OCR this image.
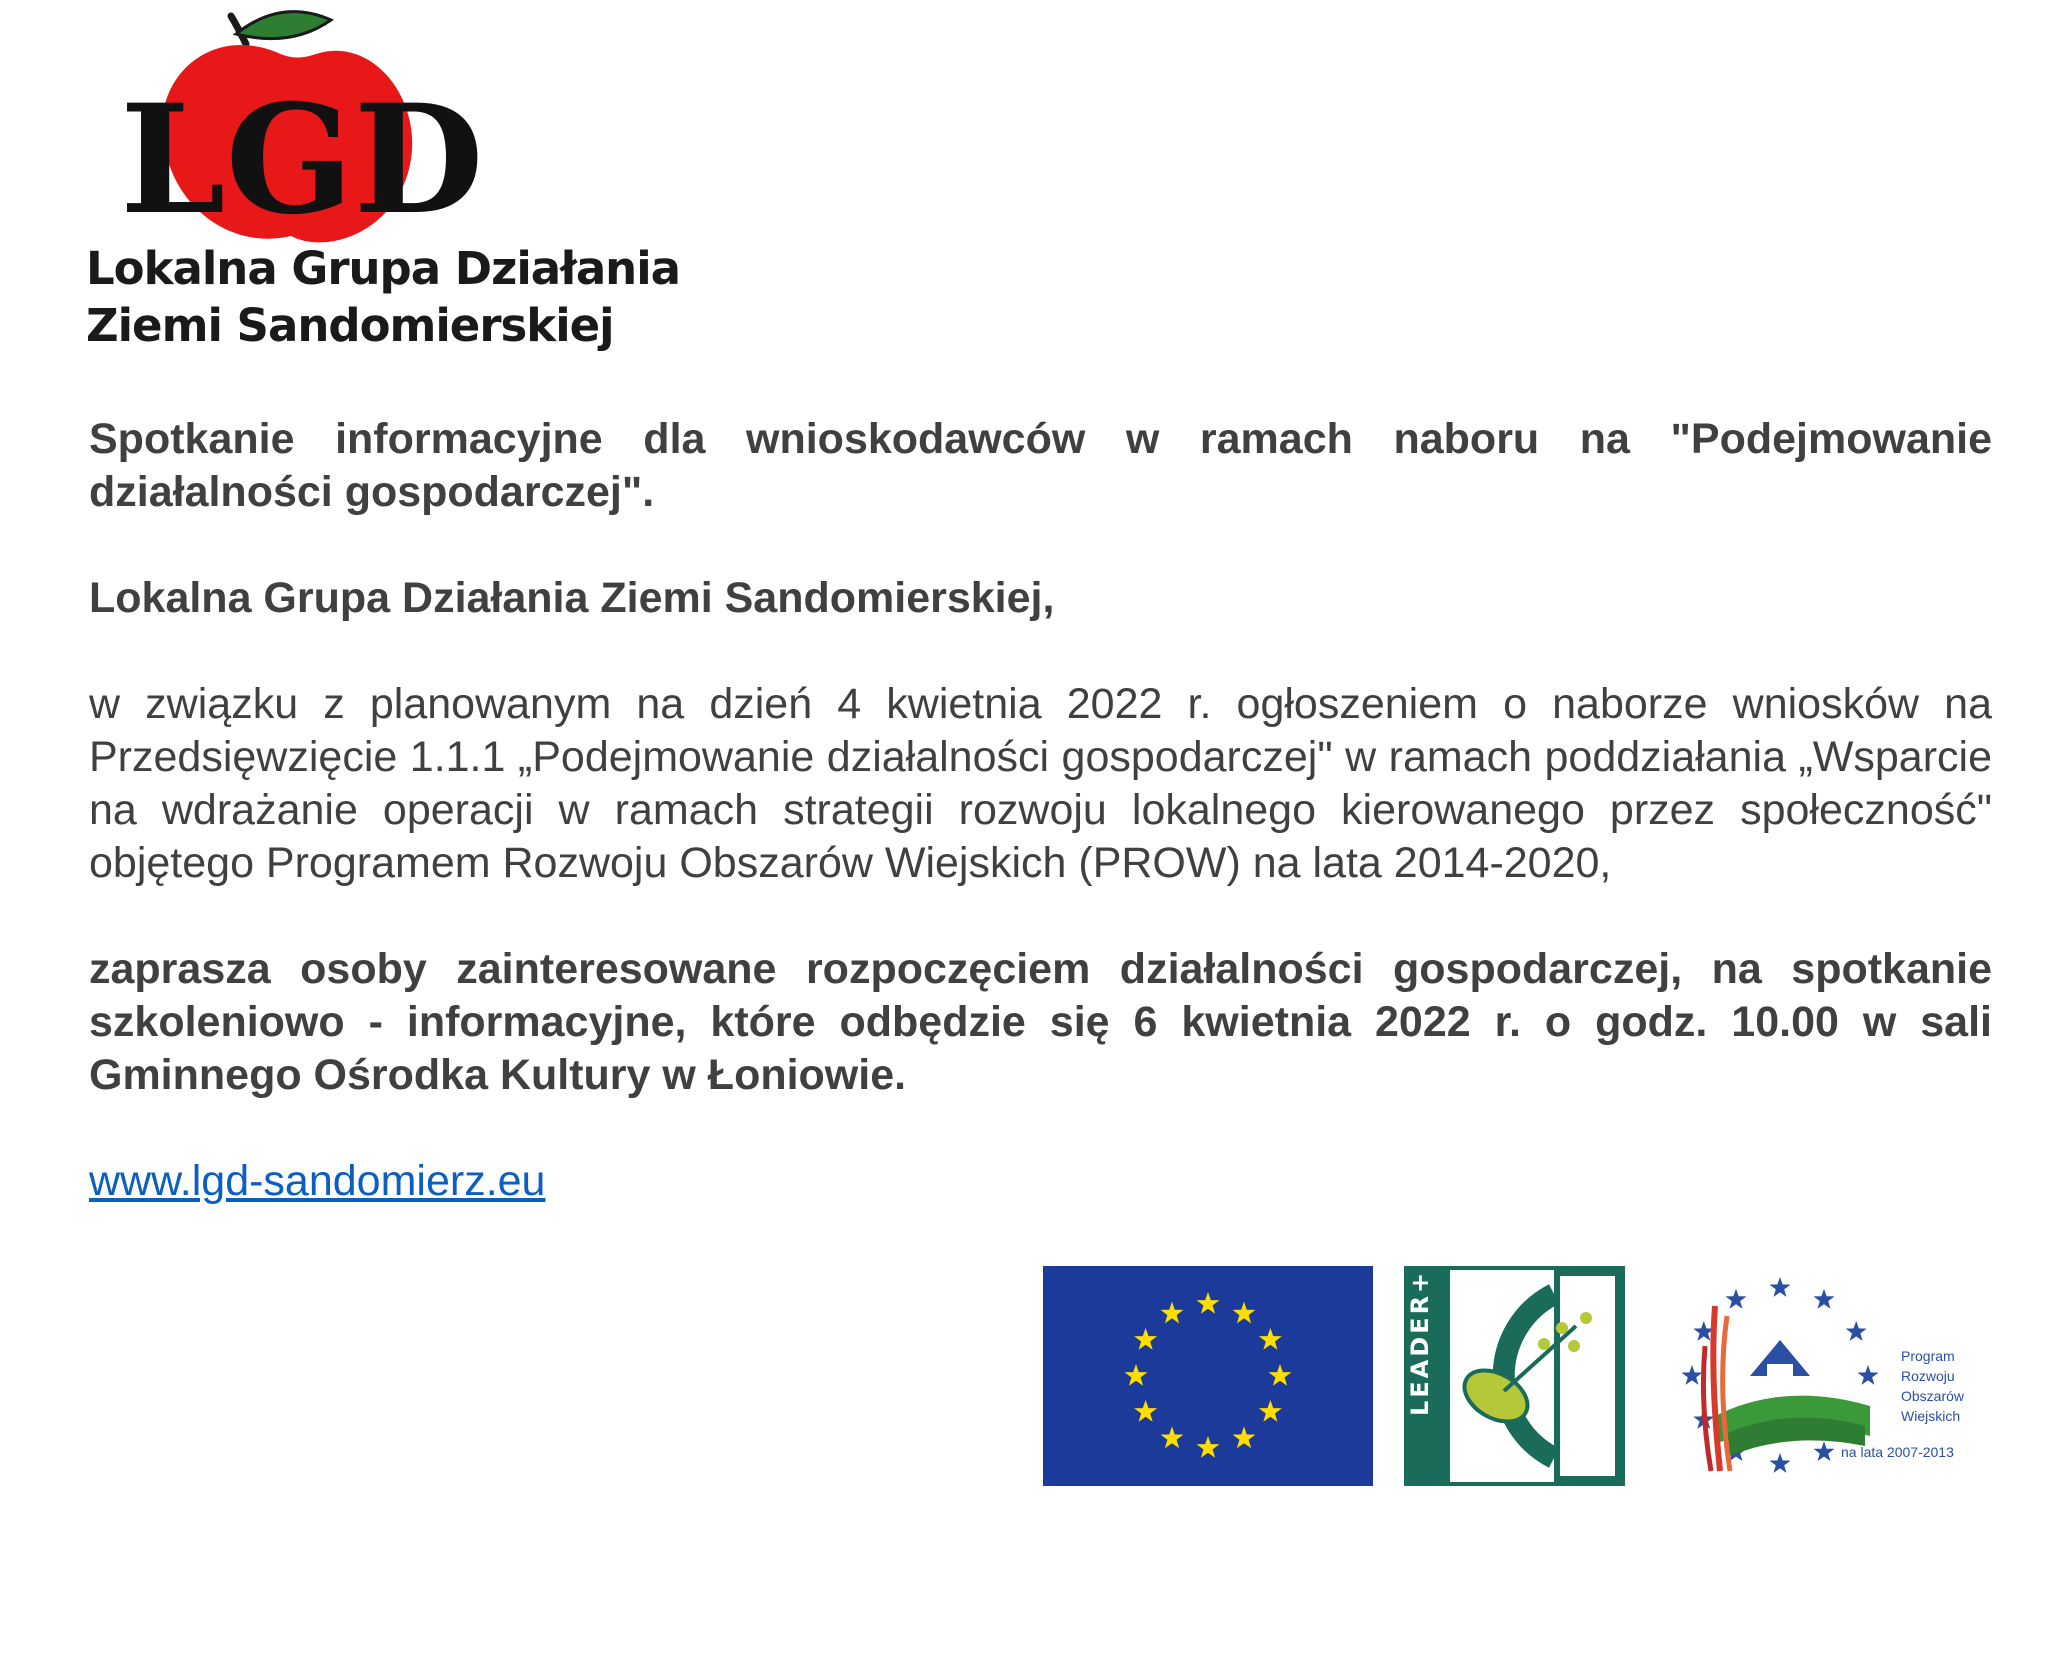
LGD
Lokalna Grupa Działania
Ziemi Sandomierskiej

Spotkanie informacyjne dla wnioskodawców w ramach naboru na "Podejmowanie działalności gospodarczej".

Lokalna Grupa Działania Ziemi Sandomierskiej,

w związku z planowanym na dzień 4 kwietnia 2022 r. ogłoszeniem o naborze wniosków na Przedsięwzięcie 1.1.1 „Podejmowanie działalności gospodarczej" w ramach poddziałania „Wsparcie na wdrażanie operacji w ramach strategii rozwoju lokalnego kierowanego przez społeczność" objętego Programem Rozwoju Obszarów Wiejskich (PROW) na lata 2014-2020,

zaprasza osoby zainteresowane rozpoczęciem działalności gospodarczej, na spotkanie szkoleniowo - informacyjne, które odbędzie się 6 kwietnia 2022 r. o godz. 10.00 w sali Gminnego Ośrodka Kultury w Łoniowie.

www.lgd-sandomierz.eu
LEADER+	Program
Rozwoju
Obszarów
Wiejskich
na lata 2007-2013
